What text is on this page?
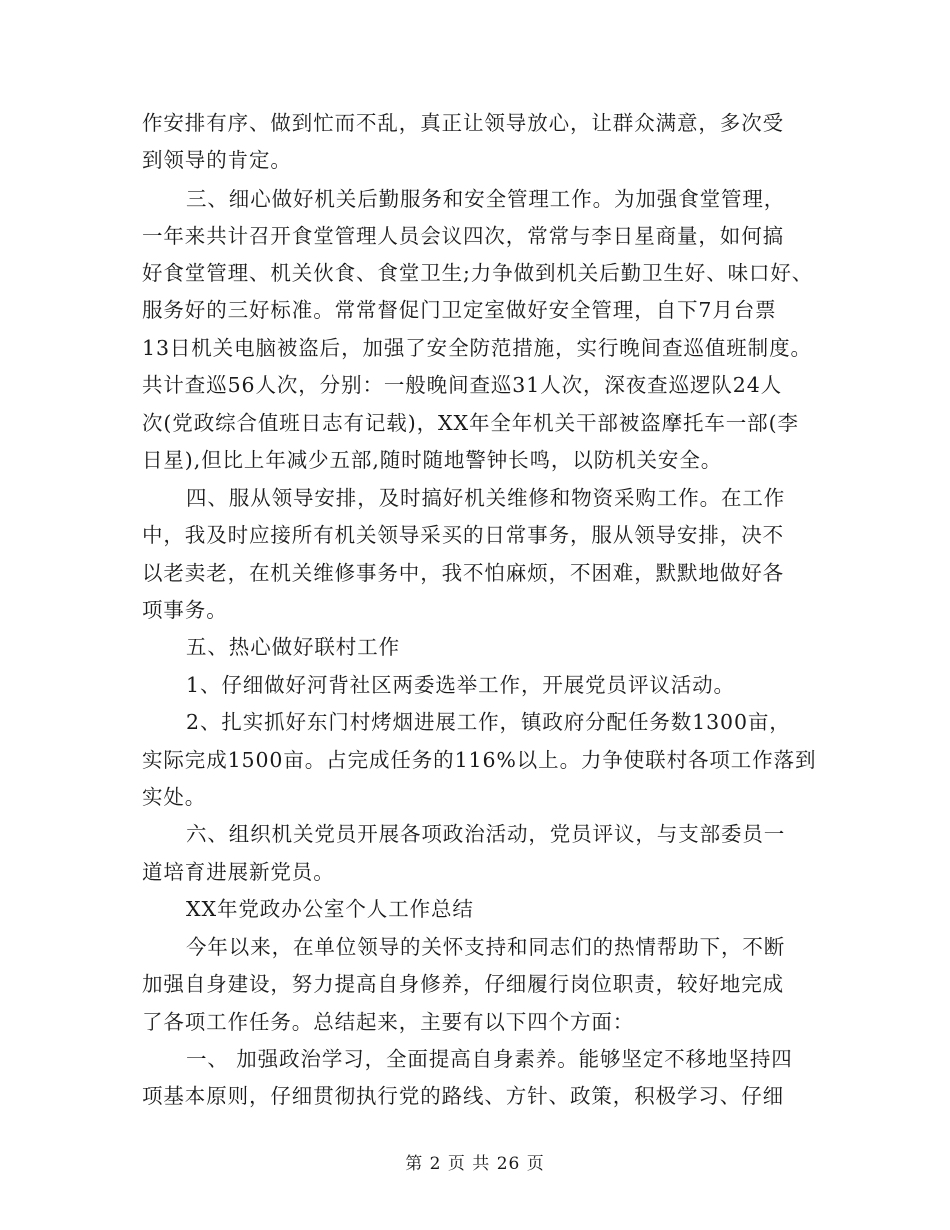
作安排有序、做到忙而不乱，真正让领导放心，让群众满意，多次受
到领导的肯定。
三、细心做好机关后勤服务和安全管理工作。为加强食堂管理，
一年来共计召开食堂管理人员会议四次，常常与李日星商量，如何搞
好食堂管理、机关伙食、食堂卫生;力争做到机关后勤卫生好、味口好、
服务好的三好标准。常常督促门卫定室做好安全管理，自下7月台票
13日机关电脑被盗后，加强了安全防范措施，实行晚间查巡值班制度。
共计查巡56人次，分别：一般晚间查巡31人次，深夜查巡逻队24人
次(党政综合值班日志有记载)，XX年全年机关干部被盗摩托车一部(李
日星),但比上年减少五部,随时随地警钟长鸣，以防机关安全。
四、服从领导安排，及时搞好机关维修和物资采购工作。在工作
中，我及时应接所有机关领导采买的日常事务，服从领导安排，决不
以老卖老，在机关维修事务中，我不怕麻烦，不困难，默默地做好各
项事务。
五、热心做好联村工作
1、仔细做好河背社区两委选举工作，开展党员评议活动。
2、扎实抓好东门村烤烟进展工作，镇政府分配任务数1300亩，
实际完成1500亩。占完成任务的116%以上。力争使联村各项工作落到
实处。
六、组织机关党员开展各项政治活动，党员评议，与支部委员一
道培育进展新党员。
XX年党政办公室个人工作总结
今年以来，在单位领导的关怀支持和同志们的热情帮助下，不断
加强自身建设，努力提高自身修养，仔细履行岗位职责，较好地完成
了各项工作任务。总结起来，主要有以下四个方面：
一、 加强政治学习，全面提高自身素养。能够坚定不移地坚持四
项基本原则，仔细贯彻执行党的路线、方针、政策，积极学习、仔细
第 2 页 共 26 页
